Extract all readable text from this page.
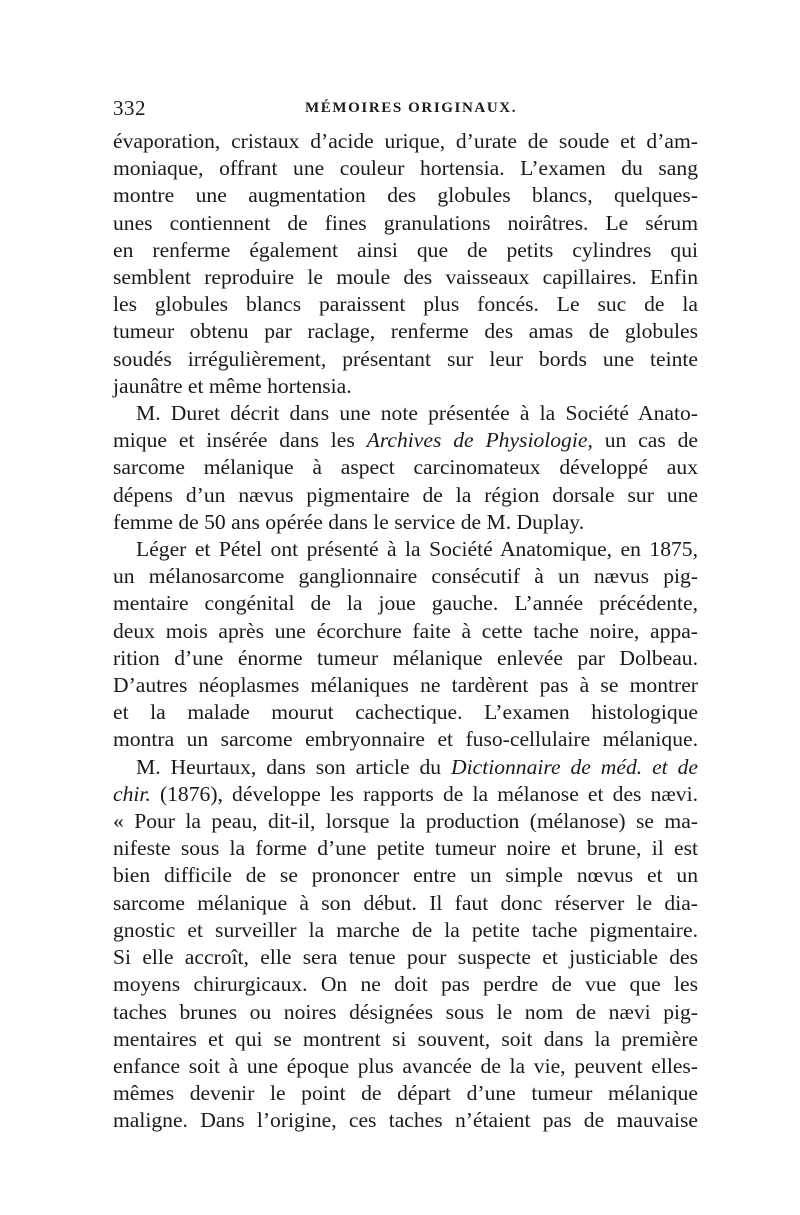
332	MÉMOIRES ORIGINAUX.
évaporation, cristaux d’acide urique, d’urate de soude et d’am-
moniaque, offrant une couleur hortensia. L’examen du sang
montre une augmentation des globules blancs, quelques-
unes contiennent de fines granulations noirâtres. Le sérum
en renferme également ainsi que de petits cylindres qui
semblent reproduire le moule des vaisseaux capillaires. Enfin
les globules blancs paraissent plus foncés. Le suc de la
tumeur obtenu par raclage, renferme des amas de globules
soudés irrégulièrement, présentant sur leur bords une teinte
jaunâtre et même hortensia.
M. Duret décrit dans une note présentée à la Société Anato-
mique et insérée dans les Archives de Physiologie, un cas de
sarcome mélanique à aspect carcinomateux développé aux
dépens d’un nævus pigmentaire de la région dorsale sur une
femme de 50 ans opérée dans le service de M. Duplay.
Léger et Pétel ont présenté à la Société Anatomique, en 1875,
un mélanosarcome ganglionnaire consécutif à un nævus pig-
mentaire congénital de la joue gauche. L’année précédente,
deux mois après une écorchure faite à cette tache noire, appa-
rition d’une énorme tumeur mélanique enlevée par Dolbeau.
D’autres néoplasmes mélaniques ne tardèrent pas à se montrer
et la malade mourut cachectique. L’examen histologique
montra un sarcome embryonnaire et fuso-cellulaire mélanique.
M. Heurtaux, dans son article du Dictionnaire de méd. et de
chir. (1876), développe les rapports de la mélanose et des nævi.
« Pour la peau, dit-il, lorsque la production (mélanose) se ma-
nifeste sous la forme d’une petite tumeur noire et brune, il est
bien difficile de se prononcer entre un simple nœvus et un
sarcome mélanique à son début. Il faut donc réserver le dia-
gnostic et surveiller la marche de la petite tache pigmentaire.
Si elle accroît, elle sera tenue pour suspecte et justiciable des
moyens chirurgicaux. On ne doit pas perdre de vue que les
taches brunes ou noires désignées sous le nom de nævi pig-
mentaires et qui se montrent si souvent, soit dans la première
enfance soit à une époque plus avancée de la vie, peuvent elles-
mêmes devenir le point de départ d’une tumeur mélanique
maligne. Dans l’origine, ces taches n’étaient pas de mauvaise
